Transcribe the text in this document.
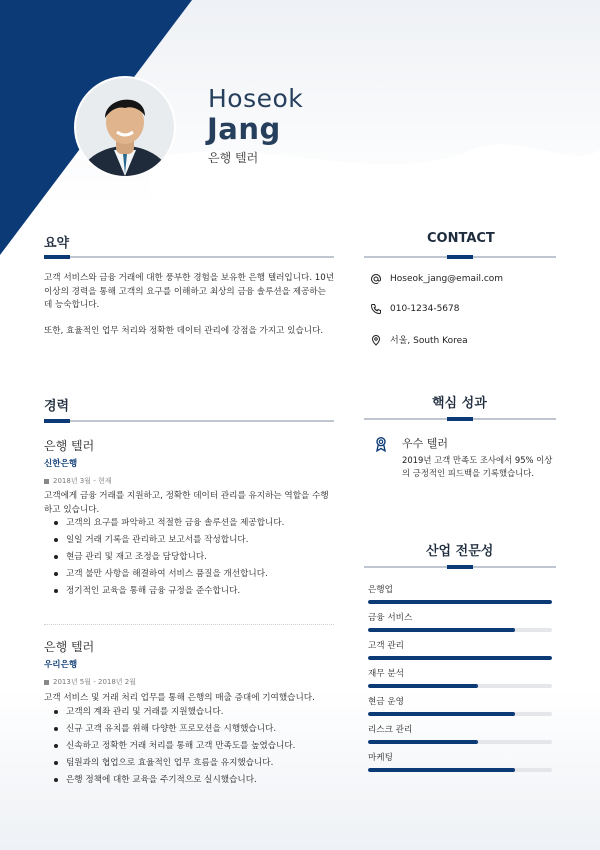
Hoseok
Jang
은행 텔러
요약
고객 서비스와 금융 거래에 대한 풍부한 경험을 보유한 은행 텔러입니다. 10년 이상의 경력을 통해 고객의 요구를 이해하고 최상의 금융 솔루션을 제공하는 데 능숙합니다.
또한, 효율적인 업무 처리와 정확한 데이터 관리에 강점을 가지고 있습니다.
CONTACT
Hoseok_jang@email.com
010-1234-5678
서울, South Korea
경력
은행 텔러
신한은행
2018년 3월 - 현재
고객에게 금융 거래를 지원하고, 정확한 데이터 관리를 유지하는 역할을 수행하고 있습니다.
고객의 요구를 파악하고 적절한 금융 솔루션을 제공합니다.
일일 거래 기록을 관리하고 보고서를 작성합니다.
현금 관리 및 재고 조정을 담당합니다.
고객 불만 사항을 해결하여 서비스 품질을 개선합니다.
정기적인 교육을 통해 금융 규정을 준수합니다.
은행 텔러
우리은행
2013년 5월 - 2018년 2월
고객 서비스 및 거래 처리 업무를 통해 은행의 매출 증대에 기여했습니다.
고객의 계좌 관리 및 거래를 지원했습니다.
신규 고객 유치를 위해 다양한 프로모션을 시행했습니다.
신속하고 정확한 거래 처리를 통해 고객 만족도를 높였습니다.
팀원과의 협업으로 효율적인 업무 흐름을 유지했습니다.
은행 정책에 대한 교육을 주기적으로 실시했습니다.
핵심 성과
우수 텔러
2019년 고객 만족도 조사에서 95% 이상의 긍정적인 피드백을 기록했습니다.
산업 전문성
은행업
금융 서비스
고객 관리
재무 분석
현금 운영
리스크 관리
마케팅
